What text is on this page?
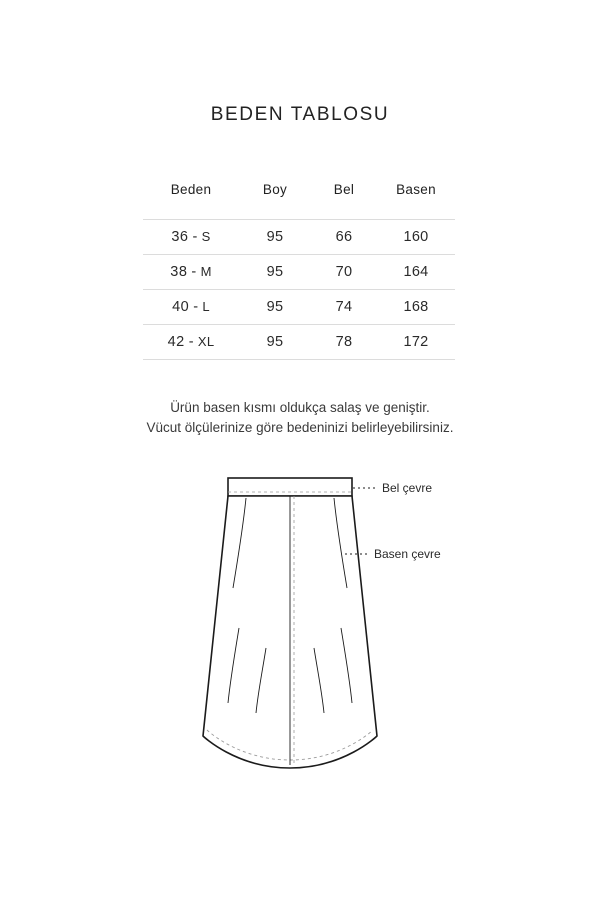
BEDEN TABLOSU
Beden	Boy	Bel	Basen
36 - S	95	66	160
38 - M	95	70	164
40 - L	95	74	168
42 - XL	95	78	172
Ürün basen kısmı oldukça salaş ve geniştir.
Vücut ölçülerinize göre bedeninizi belirleyebilirsiniz.
Bel çevre
Basen çevre
